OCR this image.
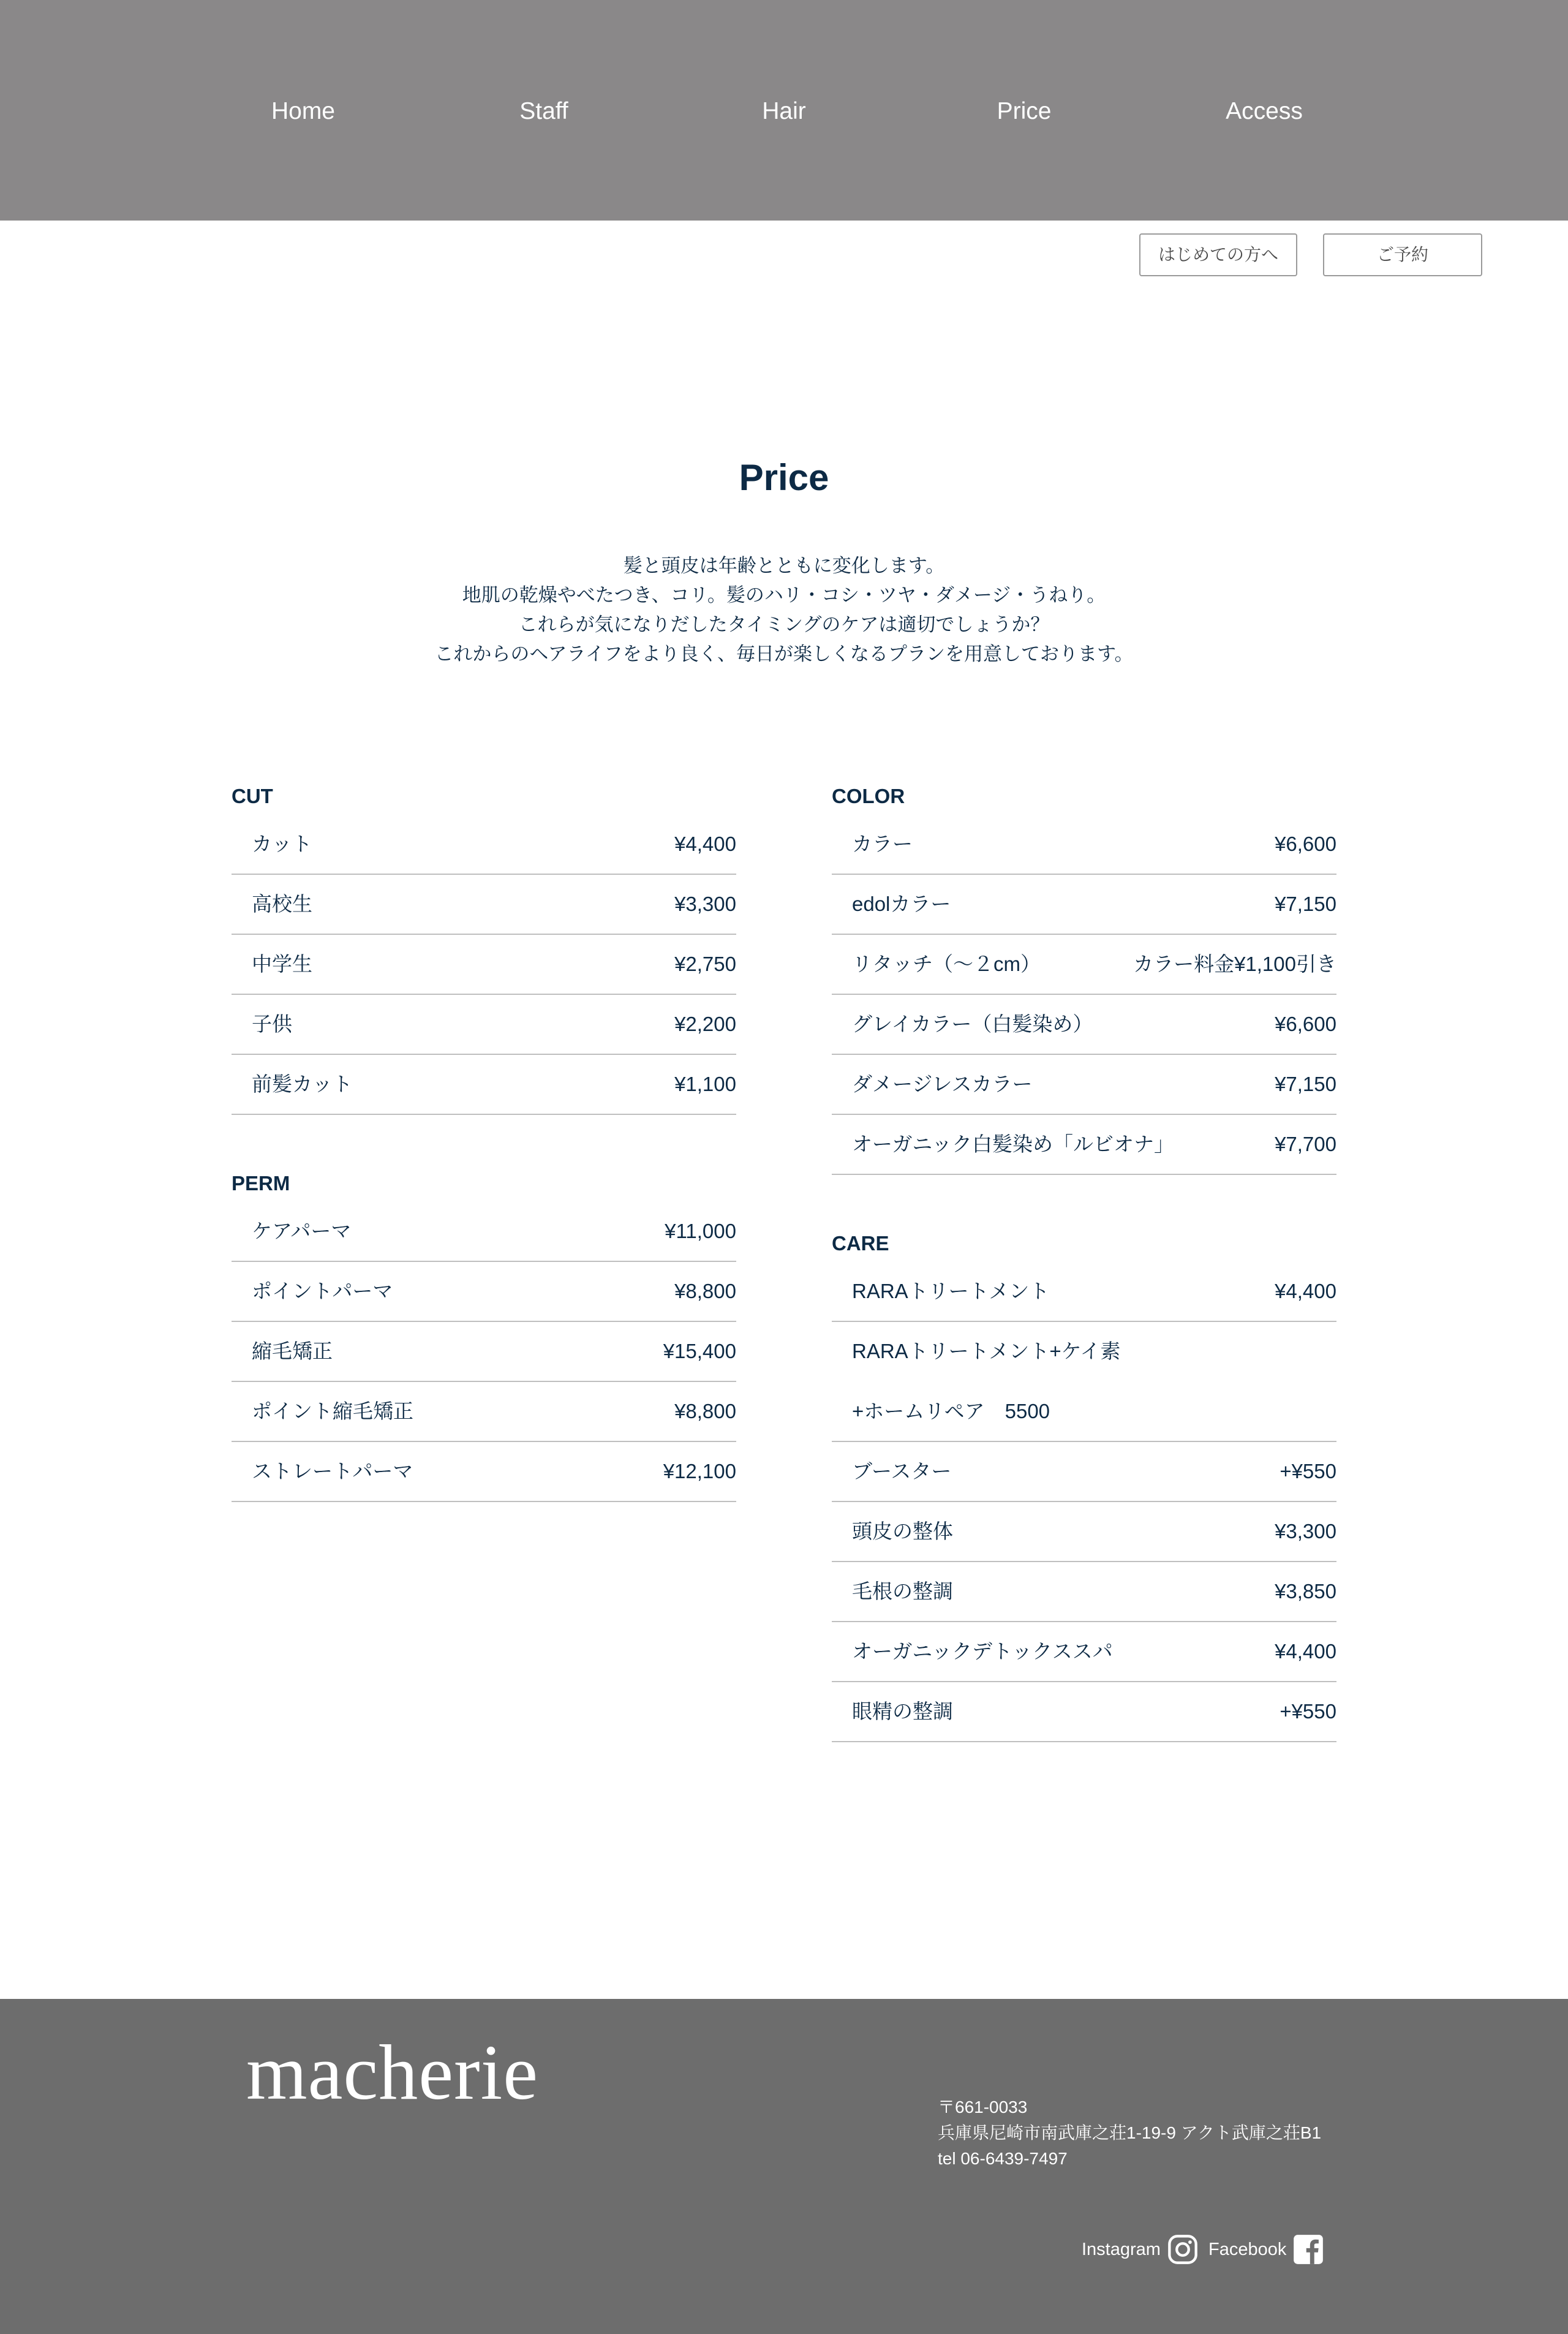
Home	Staff	Hair	Price	Access
はじめての方へ	ご予約
Price

髪と頭皮は年齢とともに変化します。

地肌の乾燥やべたつき、コリ。髪のハリ・コシ・ツヤ・ダメージ・うねり。

これらが気になりだしたタイミングのケアは適切でしょうか？

これからのヘアライフをより良く、毎日が楽しくなるプランを用意しております。

CUT
カット	¥4,400
高校生	¥3,300
中学生	¥2,750
子供	¥2,200
前髪カット	¥1,100
PERM
ケアパーマ	¥11,000
ポイントパーマ	¥8,800
縮毛矯正	¥15,400
ポイント縮毛矯正	¥8,800
ストレートパーマ	¥12,100
COLOR
カラー	¥6,600
edolカラー	¥7,150
リタッチ（〜２cm）	カラー料金¥1,100引き
グレイカラー（白髪染め）	¥6,600
ダメージレスカラー	¥7,150
オーガニック白髪染め「ルビオナ」	¥7,700
CARE
RARAトリートメント	¥4,400
RARAトリートメント+ケイ素
+ホームリペア　5500
ブースター	+¥550
頭皮の整体	¥3,300
毛根の整調	¥3,850
オーガニックデトックススパ	¥4,400
眼精の整調	+¥550
macherie	〒661-0033
兵庫県尼崎市南武庫之荘1-19-9 アクト武庫之荘B1
tel 06-6439-7497
Instagram	Facebook
